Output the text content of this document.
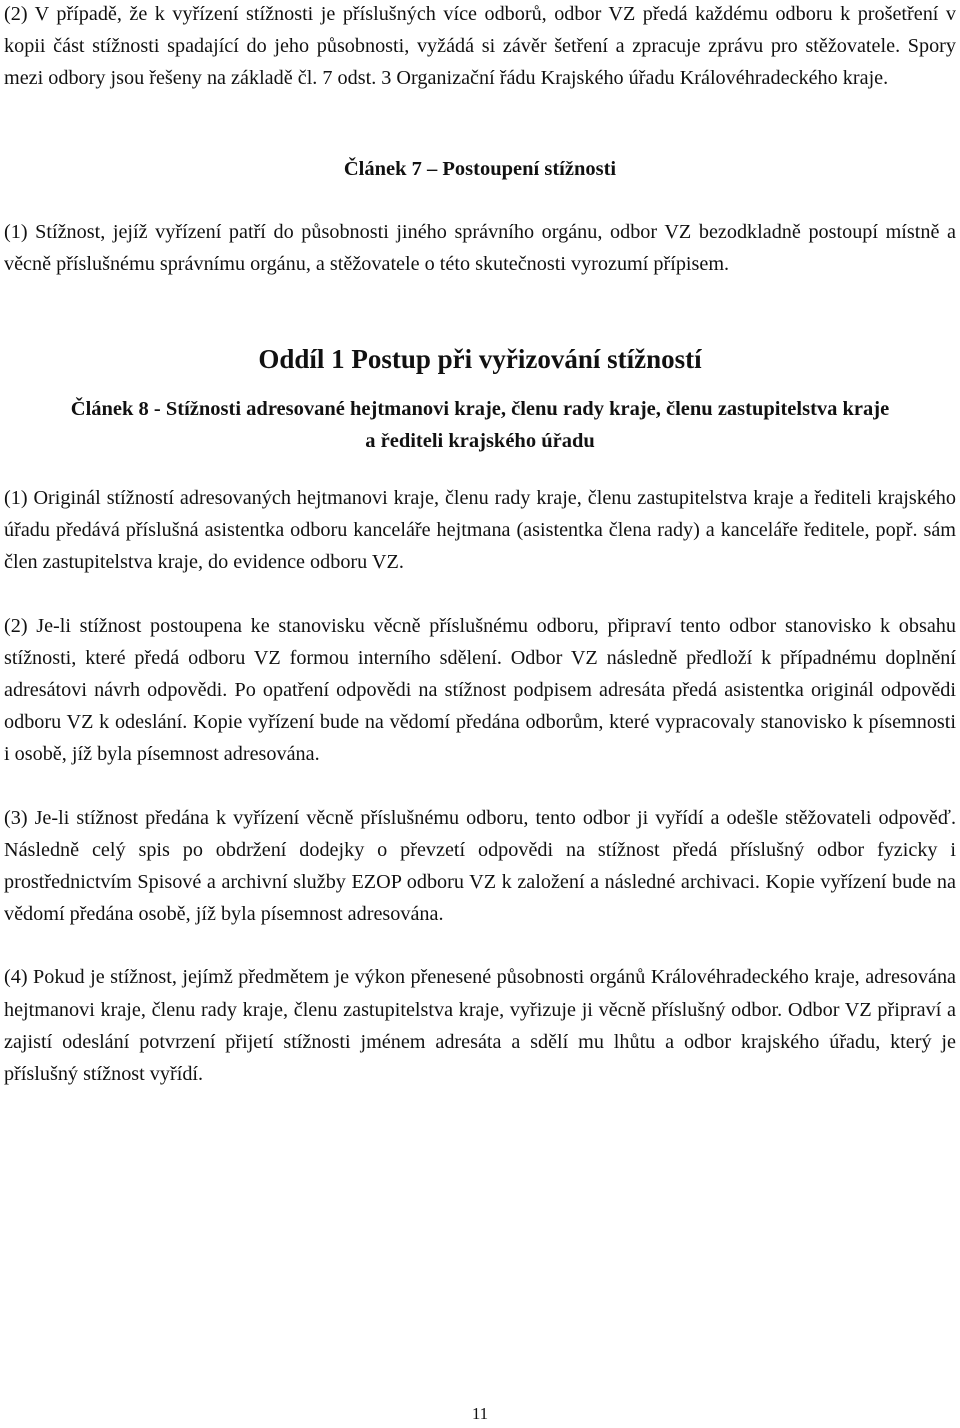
(2) V případě, že k vyřízení stížnosti je příslušných více odborů, odbor VZ předá každému odboru k prošetření v kopii část stížnosti spadající do jeho působnosti, vyžádá si závěr šetření a zpracuje zprávu pro stěžovatele. Spory mezi odbory jsou řešeny na základě čl. 7 odst. 3 Organizační řádu Krajského úřadu Královéhradeckého kraje.

Článek 7 – Postoupení stížnosti

(1) Stížnost, jejíž vyřízení patří do působnosti jiného správního orgánu, odbor VZ bezodkladně postoupí místně a věcně příslušnému správnímu orgánu, a stěžovatele o této skutečnosti vyrozumí přípisem.

Oddíl 1 Postup při vyřizování stížností
Článek 8 - Stížnosti adresované hejtmanovi kraje, členu rady kraje, členu zastupitelstva kraje a řediteli krajského úřadu

(1) Originál stížností adresovaných hejtmanovi kraje, členu rady kraje, členu zastupitelstva kraje a řediteli krajského úřadu předává příslušná asistentka odboru kanceláře hejtmana (asistentka člena rady) a kanceláře ředitele, popř. sám člen zastupitelstva kraje, do evidence odboru VZ.

(2) Je-li stížnost postoupena ke stanovisku věcně příslušnému odboru, připraví tento odbor stanovisko k obsahu stížnosti, které předá odboru VZ formou interního sdělení. Odbor VZ následně předloží k případnému doplnění adresátovi návrh odpovědi. Po opatření odpovědi na stížnost podpisem adresáta předá asistentka originál odpovědi odboru VZ k odeslání. Kopie vyřízení bude na vědomí předána odborům, které vypracovaly stanovisko k písemnosti i osobě, jíž byla písemnost adresována.

(3) Je-li stížnost předána k vyřízení věcně příslušnému odboru, tento odbor ji vyřídí a odešle stěžovateli odpověď. Následně celý spis po obdržení dodejky o převzetí odpovědi na stížnost předá příslušný odbor fyzicky i prostřednictvím Spisové a archivní služby EZOP odboru VZ k založení a následné archivaci. Kopie vyřízení bude na vědomí předána osobě, jíž byla písemnost adresována.

(4) Pokud je stížnost, jejímž předmětem je výkon přenesené působnosti orgánů Královéhradeckého kraje, adresována hejtmanovi kraje, členu rady kraje, členu zastupitelstva kraje, vyřizuje ji věcně příslušný odbor. Odbor VZ připraví a zajistí odeslání potvrzení přijetí stížnosti jménem adresáta a sdělí mu lhůtu a odbor krajského úřadu, který je příslušný stížnost vyřídí.

11
